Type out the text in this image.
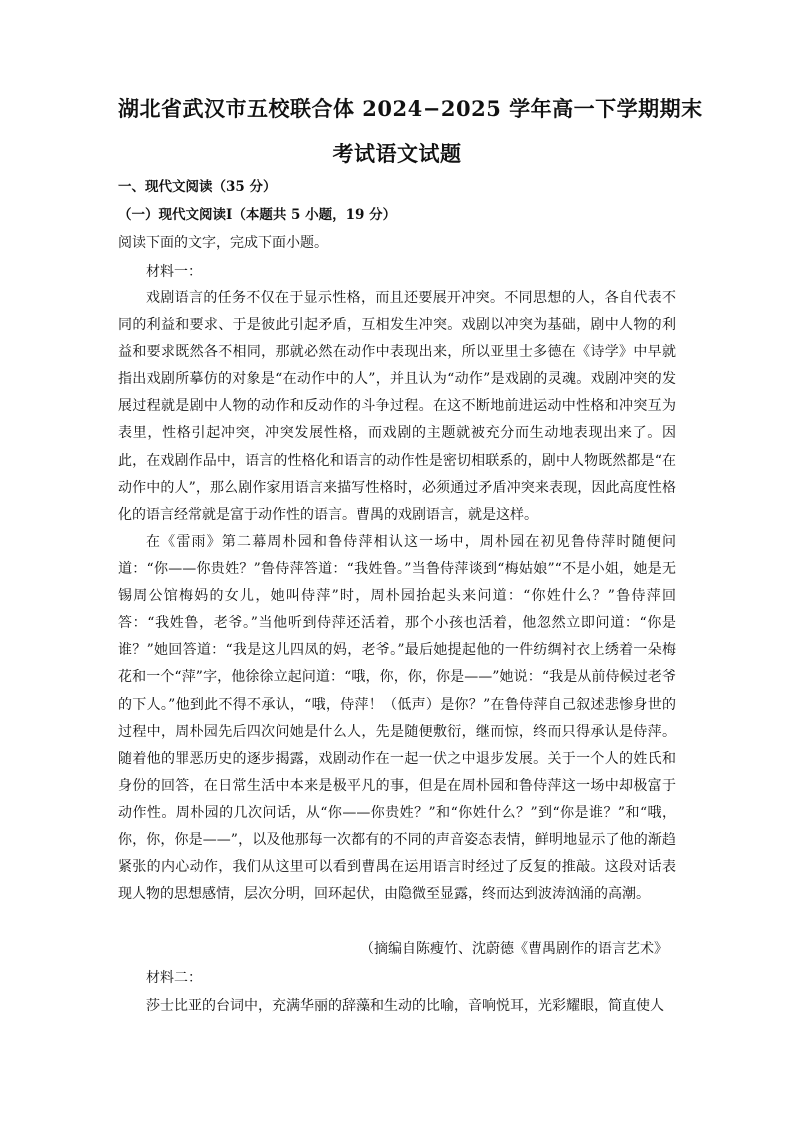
湖北省武汉市五校联合体 2024−2025 学年高一下学期期末
考试语文试题

一、现代文阅读（35 分）

（一）现代文阅读Ⅰ（本题共 5 小题，19 分）

阅读下面的文字，完成下面小题。

材料一：

戏剧语言的任务不仅在于显示性格，而且还要展开冲突。不同思想的人，各自代表不同的利益和要求、于是彼此引起矛盾，互相发生冲突。戏剧以冲突为基础，剧中人物的利益和要求既然各不相同，那就必然在动作中表现出来，所以亚里士多德在《诗学》中早就指出戏剧所摹仿的对象是“在动作中的人”，并且认为“动作”是戏剧的灵魂。戏剧冲突的发展过程就是剧中人物的动作和反动作的斗争过程。在这不断地前进运动中性格和冲突互为表里，性格引起冲突，冲突发展性格，而戏剧的主题就被充分而生动地表现出来了。因此，在戏剧作品中，语言的性格化和语言的动作性是密切相联系的，剧中人物既然都是“在动作中的人”，那么剧作家用语言来描写性格时，必须通过矛盾冲突来表现，因此高度性格化的语言经常就是富于动作性的语言。曹禺的戏剧语言，就是这样。

在《雷雨》第二幕周朴园和鲁侍萍相认这一场中，周朴园在初见鲁侍萍时随便问道：“你——你贵姓？”鲁侍萍答道：“我姓鲁。”当鲁侍萍谈到“梅姑娘”“不是小姐，她是无锡周公馆梅妈的女儿，她叫侍萍”时，周朴园抬起头来问道：“你姓什么？”鲁侍萍回答：“我姓鲁，老爷。”当他听到侍萍还活着，那个小孩也活着，他忽然立即问道：“你是谁？”她回答道：“我是这儿四凤的妈，老爷。”最后她提起他的一件纺绸衬衣上绣着一朵梅花和一个“萍”字，他徐徐立起问道：“哦，你，你，你是——”她说：“我是从前侍候过老爷的下人。”他到此不得不承认，“哦，侍萍！（低声）是你？”在鲁侍萍自己叙述悲惨身世的过程中，周朴园先后四次问她是什么人，先是随便敷衍，继而惊，终而只得承认是侍萍。随着他的罪恶历史的逐步揭露，戏剧动作在一起一伏之中退步发展。关于一个人的姓氏和身份的回答，在日常生活中本来是极平凡的事，但是在周朴园和鲁侍萍这一场中却极富于动作性。周朴园的几次问话，从“你——你贵姓？”和“你姓什么？”到“你是谁？”和“哦，你，你，你是——”，以及他那每一次都有的不同的声音姿态表情，鲜明地显示了他的渐趋紧张的内心动作，我们从这里可以看到曹禺在运用语言时经过了反复的推敲。这段对话表现人物的思想感情，层次分明，回环起伏，由隐微至显露，终而达到波涛汹涌的高潮。

（摘编自陈瘦竹、沈蔚德《曹禺剧作的语言艺术》

材料二：

莎士比亚的台词中，充满华丽的辞藻和生动的比喻，音响悦耳，光彩耀眼，简直使人
